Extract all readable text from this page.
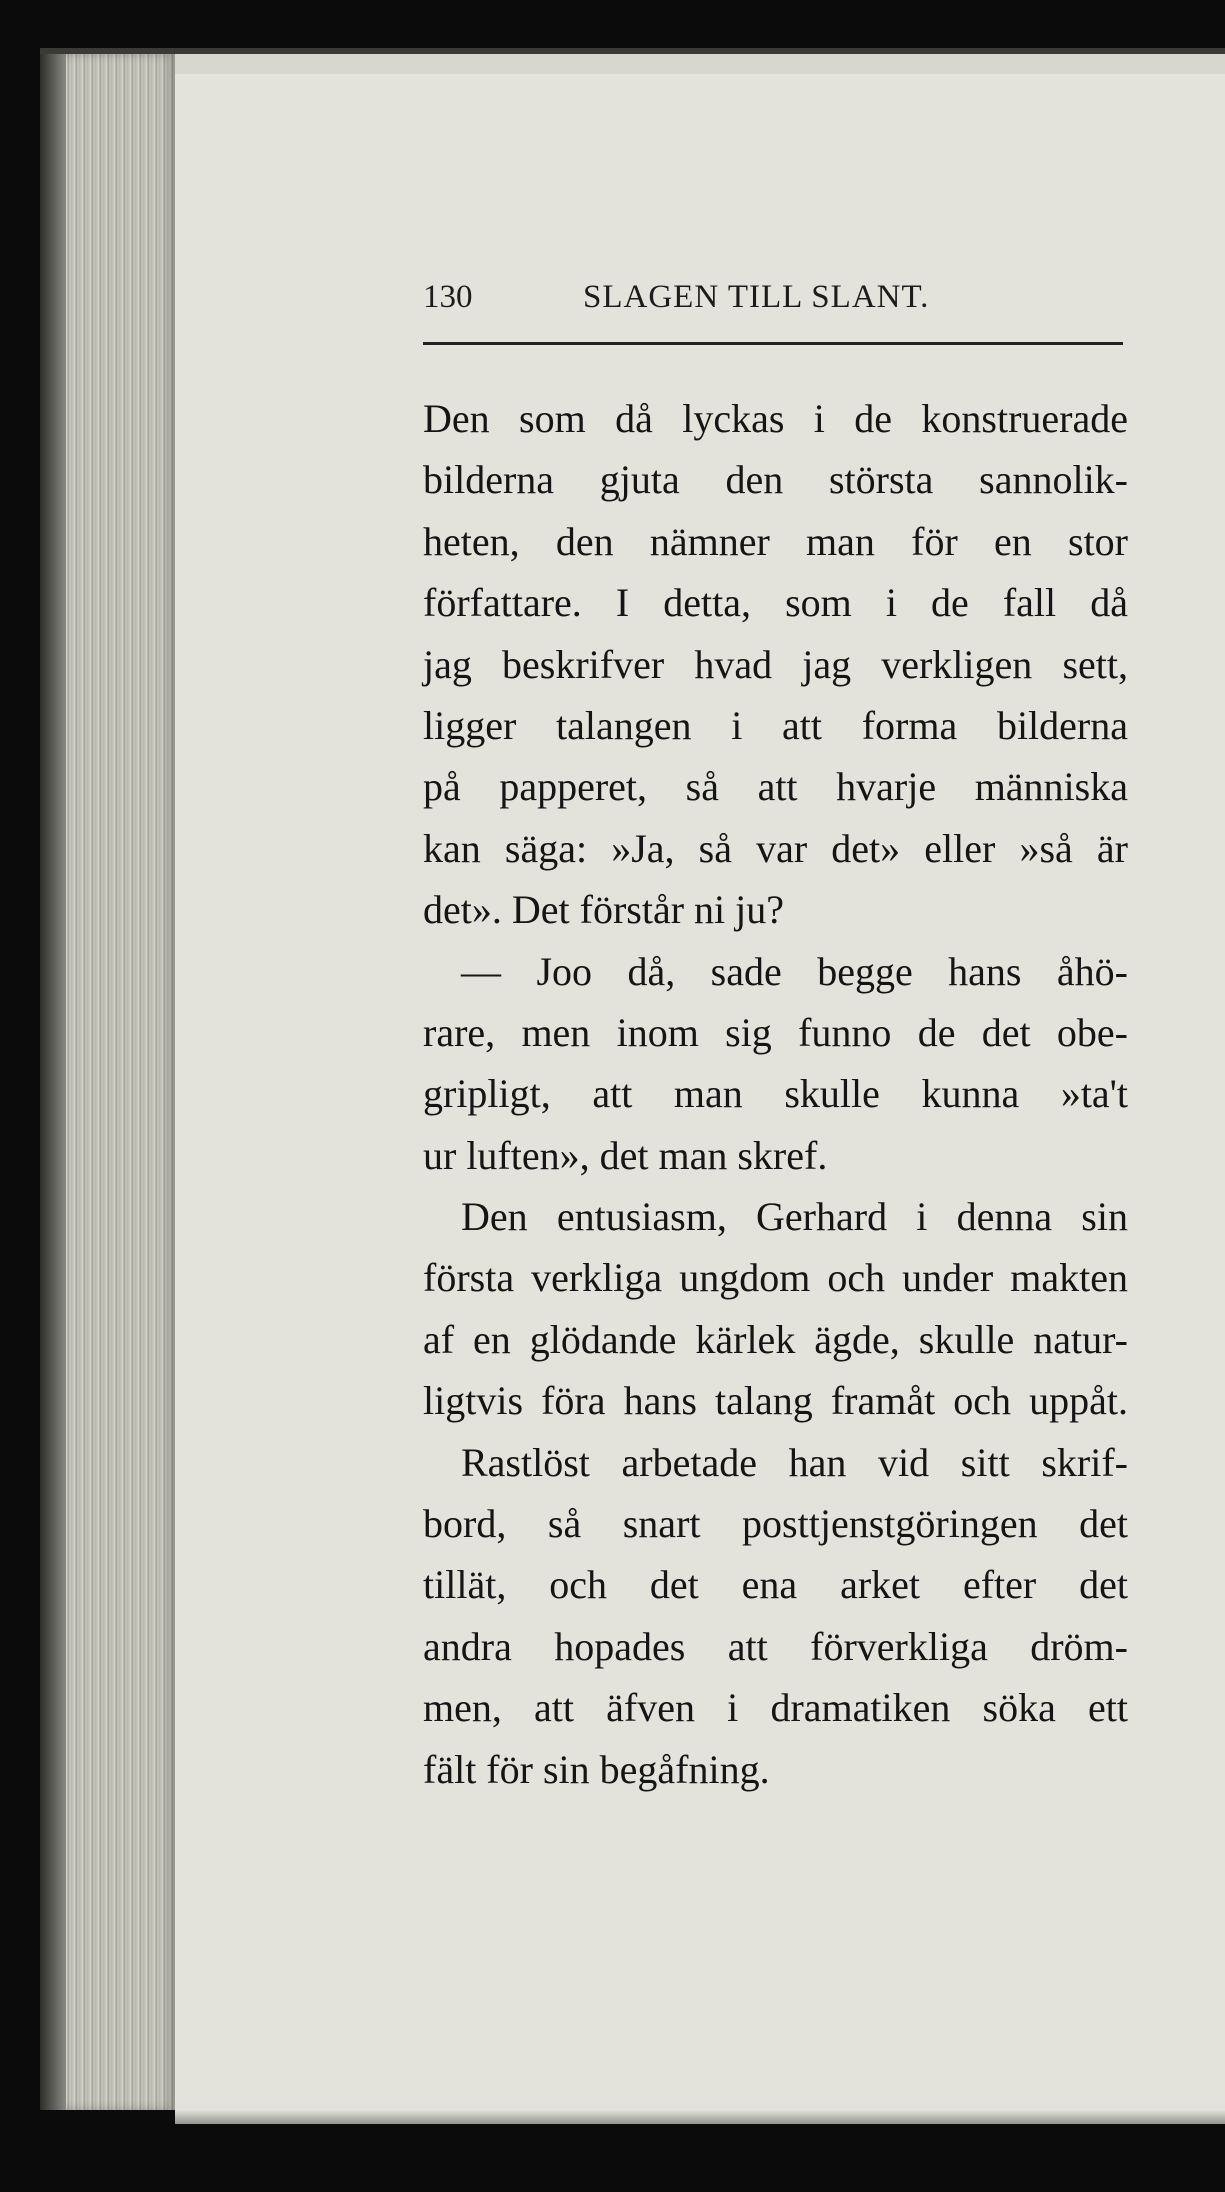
130	SLAGEN TILL SLANT.
Den som då lyckas i de konstruerade
bilderna gjuta den största sannolik-
heten, den nämner man för en stor
författare. I detta, som i de fall då
jag beskrifver hvad jag verkligen sett,
ligger talangen i att forma bilderna
på papperet, så att hvarje människa
kan säga: »Ja, så var det» eller »så är
det». Det förstår ni ju?
— Joo då, sade begge hans åhö-
rare, men inom sig funno de det obe-
gripligt, att man skulle kunna »ta't
ur luften», det man skref.
Den entusiasm, Gerhard i denna sin
första verkliga ungdom och under makten
af en glödande kärlek ägde, skulle natur-
ligtvis föra hans talang framåt och uppåt.
Rastlöst arbetade han vid sitt skrif-
bord, så snart posttjenstgöringen det
tillät, och det ena arket efter det
andra hopades att förverkliga dröm-
men, att äfven i dramatiken söka ett
fält för sin begåfning.
